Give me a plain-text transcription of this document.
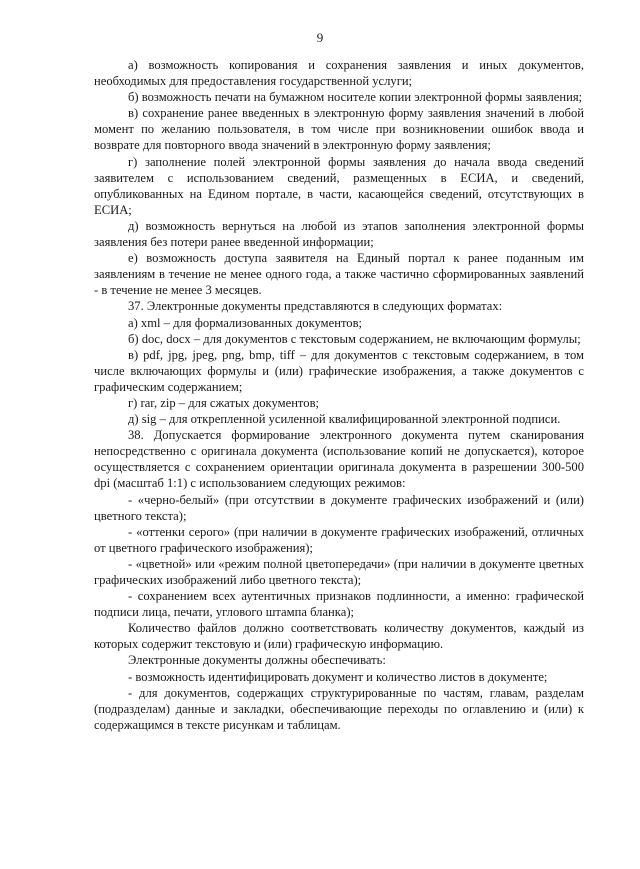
9

а) возможность копирования и сохранения заявления и иных документов, необходимых для предоставления государственной услуги;

б) возможность печати на бумажном носителе копии электронной формы заявления;

в) сохранение ранее введенных в электронную форму заявления значений в любой момент по желанию пользователя, в том числе при возникновении ошибок ввода и возврате для повторного ввода значений в электронную форму заявления;

г) заполнение полей электронной формы заявления до начала ввода сведений заявителем с использованием сведений, размещенных в ЕСИА, и сведений, опубликованных на Едином портале, в части, касающейся сведений, отсутствующих в ЕСИА;

д) возможность вернуться на любой из этапов заполнения электронной формы заявления без потери ранее введенной информации;

е) возможность доступа заявителя на Единый портал к ранее поданным им заявлениям в течение не менее одного года, а также частично сформированных заявлений - в течение не менее 3 месяцев.

37. Электронные документы представляются в следующих форматах:

а) xml – для формализованных документов;

б) doc, docx – для документов с текстовым содержанием, не включающим формулы;

в) pdf, jpg, jpeg, png, bmp, tiff – для документов с текстовым содержанием, в том числе включающих формулы и (или) графические изображения, а также документов с графическим содержанием;

г) rar, zip – для сжатых документов;

д) sig – для открепленной усиленной квалифицированной электронной подписи.

38. Допускается формирование электронного документа путем сканирования непосредственно с оригинала документа (использование копий не допускается), которое осуществляется с сохранением ориентации оригинала документа в разрешении 300-500 dpi (масштаб 1:1) с использованием следующих режимов:

- «черно-белый» (при отсутствии в документе графических изображений и (или) цветного текста);

- «оттенки серого» (при наличии в документе графических изображений, отличных от цветного графического изображения);

- «цветной» или «режим полной цветопередачи» (при наличии в документе цветных графических изображений либо цветного текста);

- сохранением всех аутентичных признаков подлинности, а именно: графической подписи лица, печати, углового штампа бланка);

Количество файлов должно соответствовать количеству документов, каждый из которых содержит текстовую и (или) графическую информацию.

Электронные документы должны обеспечивать:

- возможность идентифицировать документ и количество листов в документе;

- для документов, содержащих структурированные по частям, главам, разделам (подразделам) данные и закладки, обеспечивающие переходы по оглавлению и (или) к содержащимся в тексте рисункам и таблицам.
